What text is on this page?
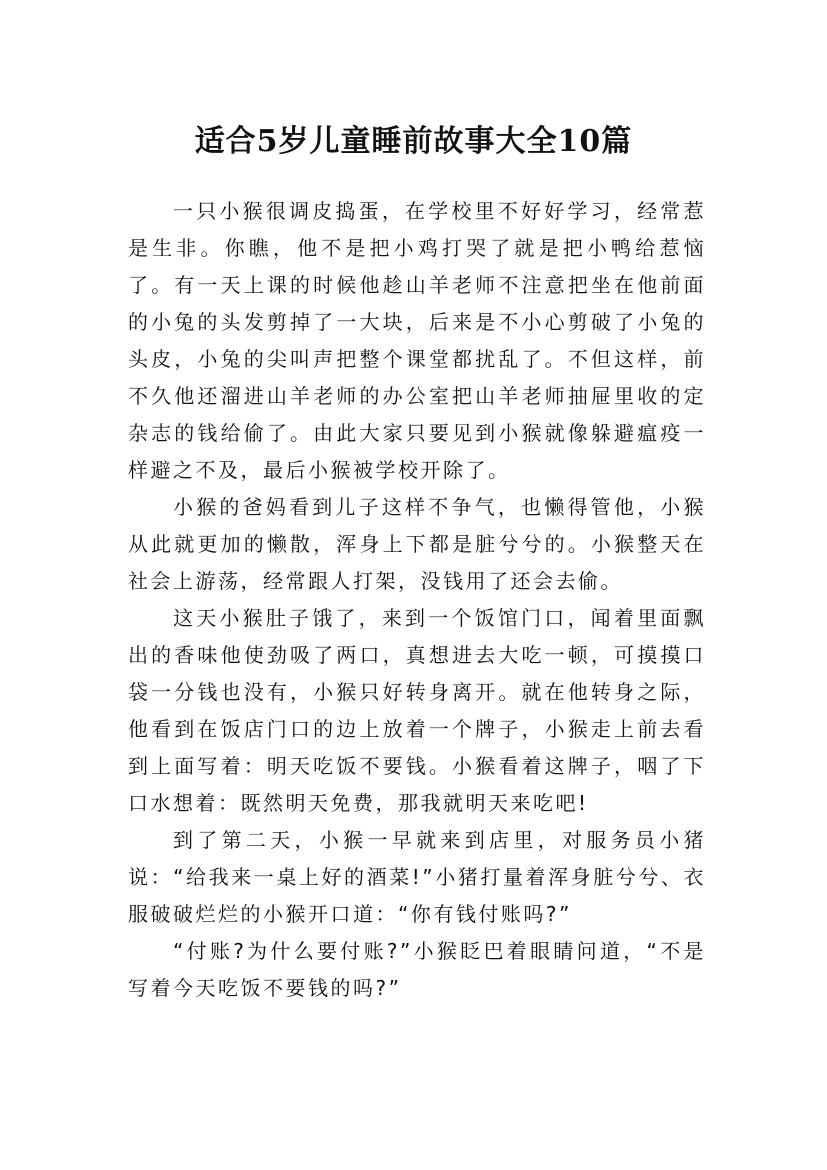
适合5岁儿童睡前故事大全10篇

一只小猴很调皮捣蛋，在学校里不好好学习，经常惹是生非。你瞧，他不是把小鸡打哭了就是把小鸭给惹恼了。有一天上课的时候他趁山羊老师不注意把坐在他前面的小兔的头发剪掉了一大块，后来是不小心剪破了小兔的头皮，小兔的尖叫声把整个课堂都扰乱了。不但这样，前不久他还溜进山羊老师的办公室把山羊老师抽屉里收的定杂志的钱给偷了。由此大家只要见到小猴就像躲避瘟疫一样避之不及，最后小猴被学校开除了。

小猴的爸妈看到儿子这样不争气，也懒得管他，小猴从此就更加的懒散，浑身上下都是脏兮兮的。小猴整天在社会上游荡，经常跟人打架，没钱用了还会去偷。

这天小猴肚子饿了，来到一个饭馆门口，闻着里面飘出的香味他使劲吸了两口，真想进去大吃一顿，可摸摸口袋一分钱也没有，小猴只好转身离开。就在他转身之际，他看到在饭店门口的边上放着一个牌子，小猴走上前去看到上面写着：明天吃饭不要钱。小猴看着这牌子，咽了下口水想着：既然明天免费，那我就明天来吃吧!

到了第二天，小猴一早就来到店里，对服务员小猪说：“给我来一桌上好的酒菜!”小猪打量着浑身脏兮兮、衣服破破烂烂的小猴开口道：“你有钱付账吗?”

“付账?为什么要付账?”小猴眨巴着眼睛问道，“不是写着今天吃饭不要钱的吗?”
